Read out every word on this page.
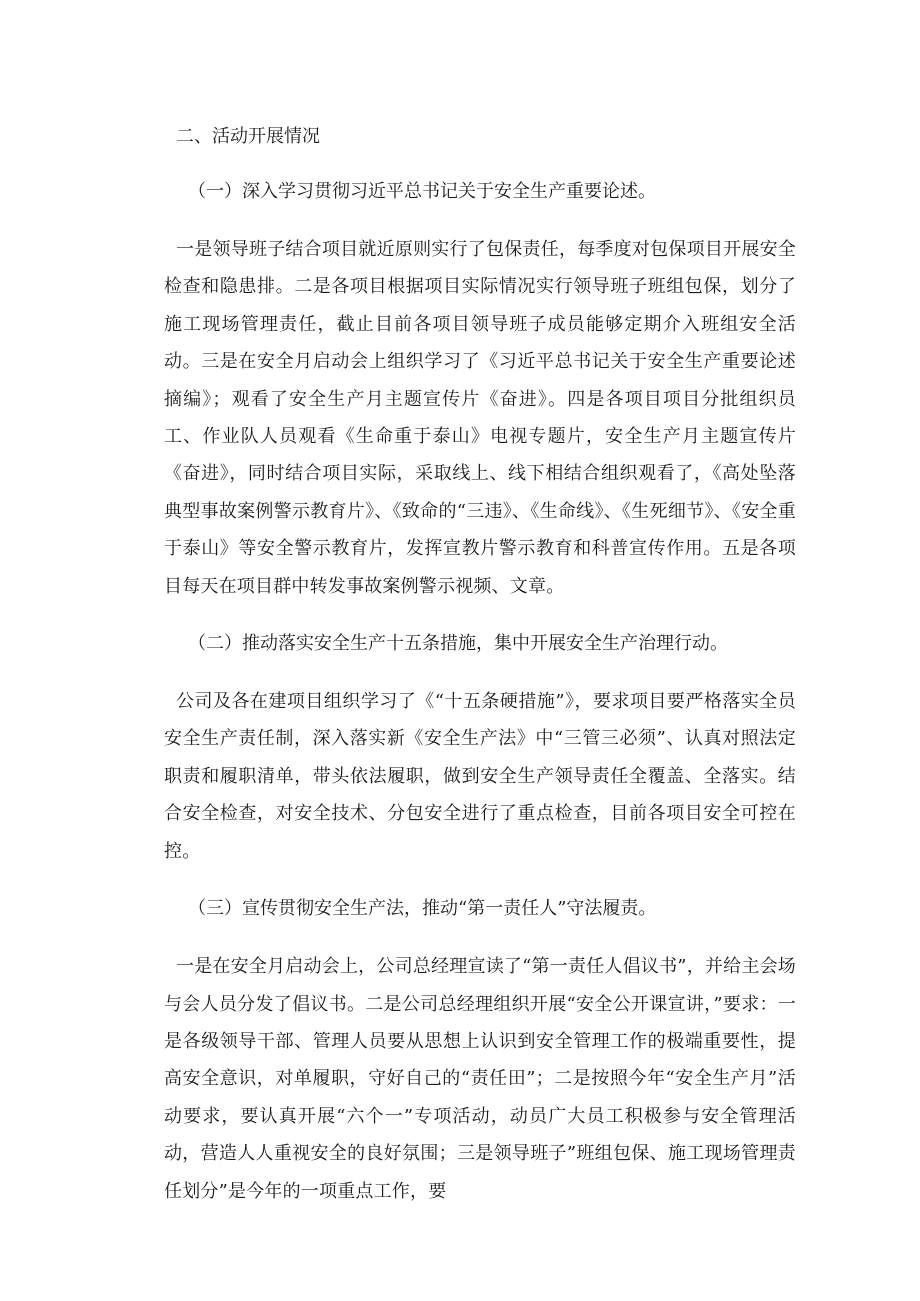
二、活动开展情况
（一）深入学习贯彻习近平总书记关于安全生产重要论述。

一是领导班子结合项目就近原则实行了包保责任，每季度对包保项目开展安全检查和隐患排。二是各项目根据项目实际情况实行领导班子班组包保，划分了施工现场管理责任，截止目前各项目领导班子成员能够定期介入班组安全活动。三是在安全月启动会上组织学习了《习近平总书记关于安全生产重要论述摘编》；观看了安全生产月主题宣传片《奋进》。四是各项目项目分批组织员工、作业队人员观看《生命重于泰山》电视专题片，安全生产月主题宣传片《奋进》，同时结合项目实际，采取线上、线下相结合组织观看了，《高处坠落典型事故案例警示教育片》、《致命的“三违》、《生命线》、《生死细节》、《安全重于泰山》等安全警示教育片，发挥宣教片警示教育和科普宣传作用。五是各项目每天在项目群中转发事故案例警示视频、文章。

（二）推动落实安全生产十五条措施，集中开展安全生产治理行动。

公司及各在建项目组织学习了《“十五条硬措施”》，要求项目要严格落实全员安全生产责任制，深入落实新《安全生产法》中“三管三必须”、认真对照法定职责和履职清单，带头依法履职，做到安全生产领导责任全覆盖、全落实。结合安全检查，对安全技术、分包安全进行了重点检查，目前各项目安全可控在控。

（三）宣传贯彻安全生产法，推动“第一责任人”守法履责。

一是在安全月启动会上，公司总经理宣读了“第一责任人倡议书”，并给主会场与会人员分发了倡议书。二是公司总经理组织开展“安全公开课宣讲，”要求：一是各级领导干部、管理人员要从思想上认识到安全管理工作的极端重要性，提高安全意识，对单履职，守好自己的“责任田”；二是按照今年“安全生产月”活动要求，要认真开展“六个一”专项活动，动员广大员工积极参与安全管理活动，营造人人重视安全的良好氛围；三是领导班子”班组包保、施工现场管理责任划分”是今年的一项重点工作，要
